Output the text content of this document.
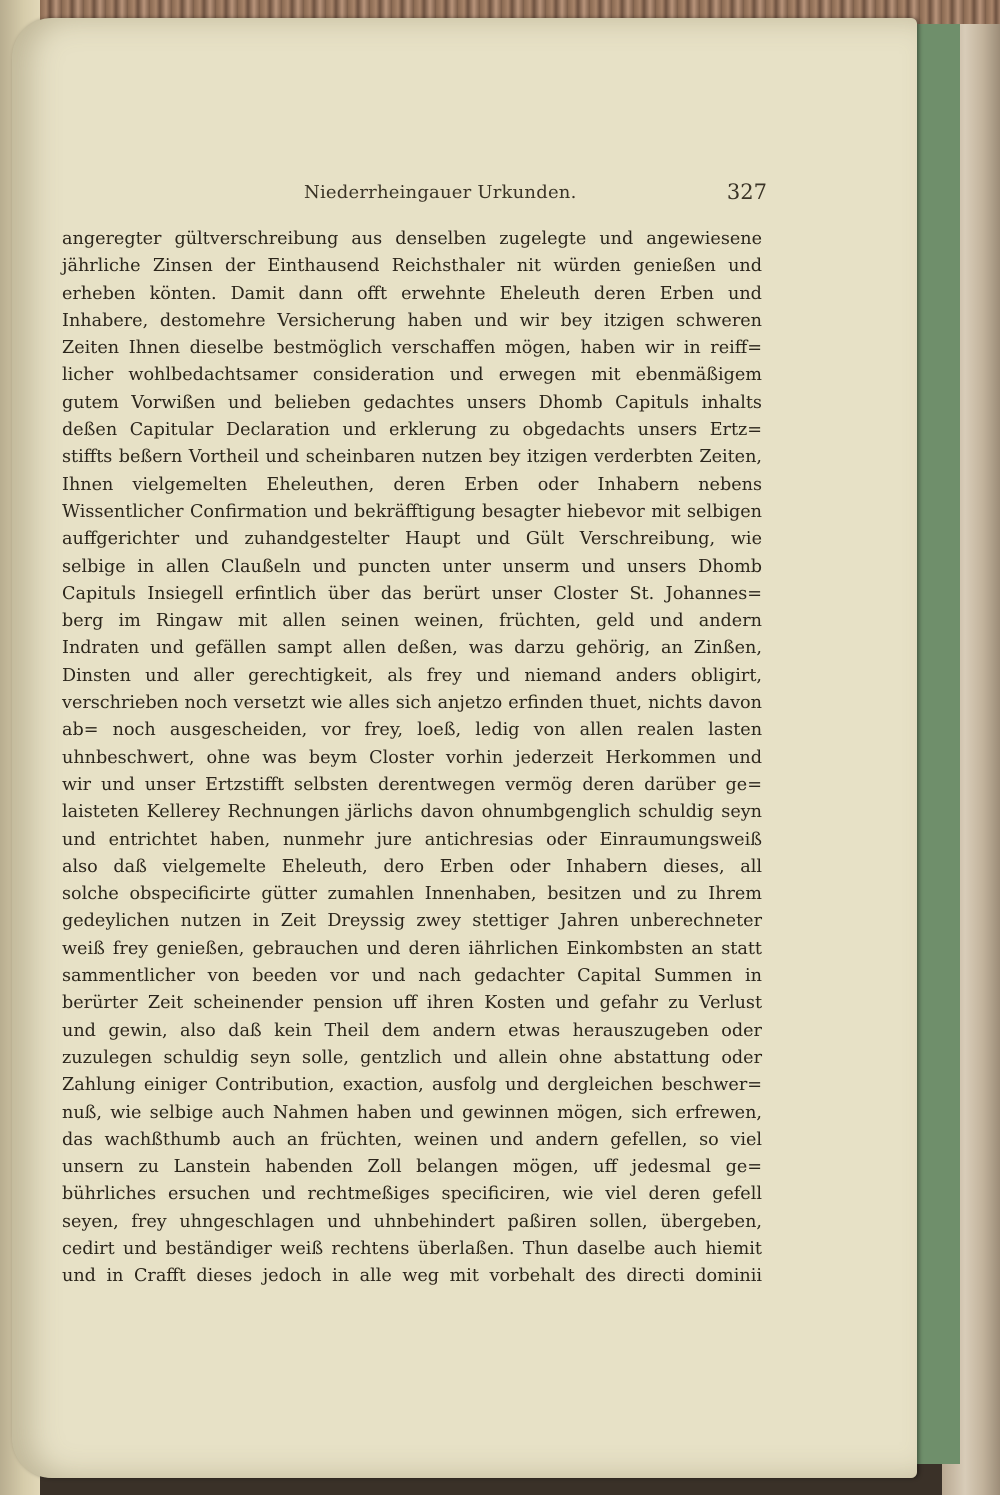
Niederrheingauer Urkunden.	327
angeregter gültverschreibung aus denselben zugelegte und angewiesene
jährliche Zinsen der Einthausend Reichsthaler nit würden genießen und
erheben könten. Damit dann offt erwehnte Eheleuth deren Erben und
Inhabere, destomehre Versicherung haben und wir bey itzigen schweren
Zeiten Ihnen dieselbe bestmöglich verschaffen mögen, haben wir in reiff=
licher wohlbedachtsamer consideration und erwegen mit ebenmäßigem
gutem Vorwißen und belieben gedachtes unsers Dhomb Capituls inhalts
deßen Capitular Declaration und erklerung zu obgedachts unsers Ertz=
stiffts beßern Vortheil und scheinbaren nutzen bey itzigen verderbten Zeiten,
Ihnen vielgemelten Eheleuthen, deren Erben oder Inhabern nebens
Wissentlicher Confirmation und bekräfftigung besagter hiebevor mit selbigen
auffgerichter und zuhandgestelter Haupt und Gült Verschreibung, wie
selbige in allen Claußeln und puncten unter unserm und unsers Dhomb
Capituls Insiegell erfintlich über das berürt unser Closter St. Johannes=
berg im Ringaw mit allen seinen weinen, früchten, geld und andern
Indraten und gefällen sampt allen deßen, was darzu gehörig, an Zinßen,
Dinsten und aller gerechtigkeit, als frey und niemand anders obligirt,
verschrieben noch versetzt wie alles sich anjetzo erfinden thuet, nichts davon
ab= noch ausgescheiden, vor frey, loeß, ledig von allen realen lasten
uhnbeschwert, ohne was beym Closter vorhin jederzeit Herkommen und
wir und unser Ertzstifft selbsten derentwegen vermög deren darüber ge=
laisteten Kellerey Rechnungen järlichs davon ohnumbgenglich schuldig seyn
und entrichtet haben, nunmehr jure antichresias oder Einraumungsweiß
also daß vielgemelte Eheleuth, dero Erben oder Inhabern dieses, all
solche obspecificirte gütter zumahlen Innenhaben, besitzen und zu Ihrem
gedeylichen nutzen in Zeit Dreyssig zwey stettiger Jahren unberechneter
weiß frey genießen, gebrauchen und deren iährlichen Einkombsten an statt
sammentlicher von beeden vor und nach gedachter Capital Summen in
berürter Zeit scheinender pension uff ihren Kosten und gefahr zu Verlust
und gewin, also daß kein Theil dem andern etwas herauszugeben oder
zuzulegen schuldig seyn solle, gentzlich und allein ohne abstattung oder
Zahlung einiger Contribution, exaction, ausfolg und dergleichen beschwer=
nuß, wie selbige auch Nahmen haben und gewinnen mögen, sich erfrewen,
das wachßthumb auch an früchten, weinen und andern gefellen, so viel
unsern zu Lanstein habenden Zoll belangen mögen, uff jedesmal ge=
bührliches ersuchen und rechtmeßiges specificiren, wie viel deren gefell
seyen, frey uhngeschlagen und uhnbehindert paßiren sollen, übergeben,
cedirt und beständiger weiß rechtens überlaßen. Thun daselbe auch hiemit
und in Crafft dieses jedoch in alle weg mit vorbehalt des directi dominii
